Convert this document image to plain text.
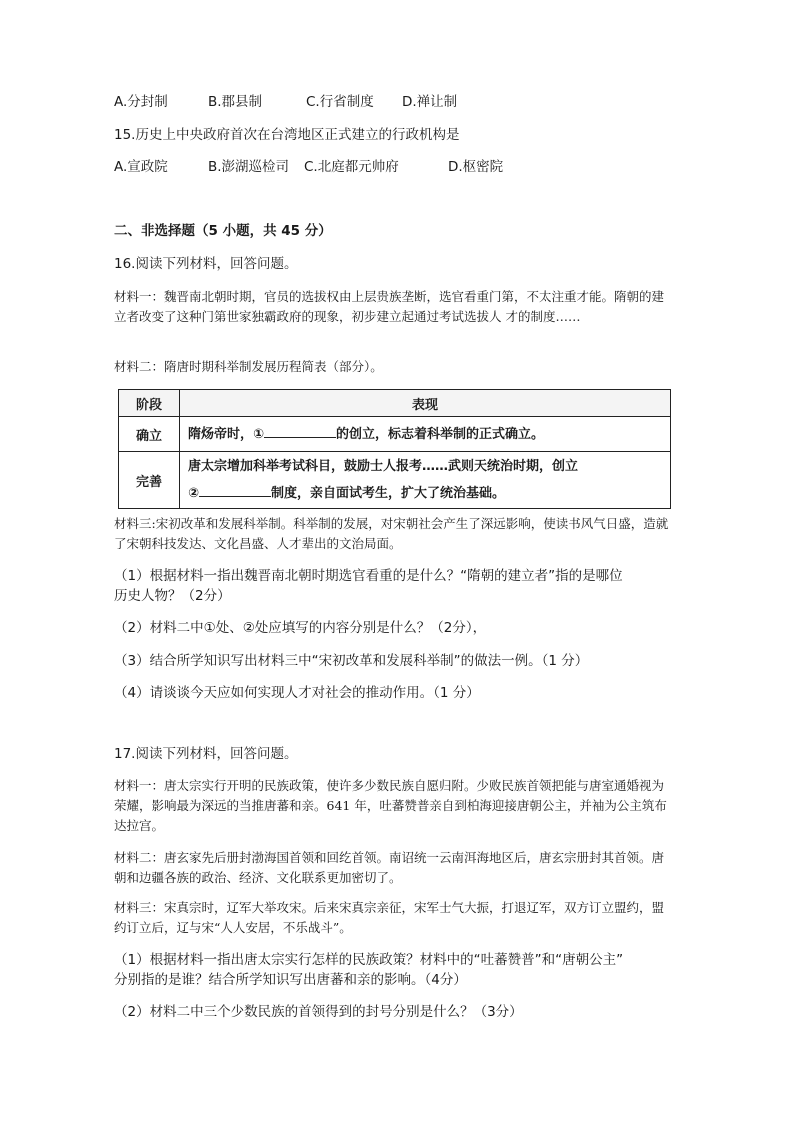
A.分封制	B.郡县制	C.行省制度	D.禅让制
15.历史上中央政府首次在台湾地区正式建立的行政机构是
A.宣政院	B.澎湖巡检司	C.北庭都元帅府	D.枢密院
二、非选择题（5 小题，共 45 分）
16.阅读下列材料，回答问题。
材料一：魏晋南北朝时期，官员的选拔权由上层贵族垄断，选官看重门第，不太注重才能。隋朝的建立者改变了这种门第世家独霸政府的现象，初步建立起通过考试选拔人 才的制度……
材料二：隋唐时期科举制发展历程简表（部分）。
阶段	表现
确立	隋炀帝时，① 的创立，标志着科举制的正式确立。
完善	唐太宗增加科举考试科目，鼓励士人报考……武则天统治时期，创立
② 制度，亲自面试考生，扩大了统治基础。
材料三:宋初改革和发展科举制。科举制的发展，对宋朝社会产生了深远影响，使读书风气日盛，造就了宋朝科技发达、文化昌盛、人才辈出的文治局面。
（1）根据材料一指出魏晋南北朝时期选官看重的是什么？“隋朝的建立者”指的是哪位
历史人物？（2分）
（2）材料二中①处、②处应填写的内容分别是什么？（2分），
（3）结合所学知识写出材料三中“宋初改革和发展科举制”的做法一例。（1 分）
（4）请谈谈今天应如何实现人才对社会的推动作用。（1 分）
17.阅读下列材料，回答问题。
材料一：唐太宗实行开明的民族政策，使许多少数民族自愿归附。少败民族首领把能与唐室通婚视为荣耀，影响最为深远的当推唐蕃和亲。641 年，吐蕃赞普亲自到柏海迎接唐朝公主，并袖为公主筑布达拉宫。
材料二：唐玄家先后册封渤海国首领和回纥首领。南诏统一云南洱海地区后，唐玄宗册封其首领。唐朝和边疆各族的政治、经济、文化联系更加密切了。
材料三：宋真宗时，辽军大举攻宋。后来宋真宗亲征，宋军士气大振，打退辽军，双方订立盟约，盟约订立后，辽与宋“人人安居，不乐战斗”。
（1）根据材料一指出唐太宗实行怎样的民族政策？材料中的“吐蕃赞普”和“唐朝公主”
分别指的是谁？结合所学知识写出唐蕃和亲的影响。（4分）
（2）材料二中三个少数民族的首领得到的封号分别是什么？（3分）
